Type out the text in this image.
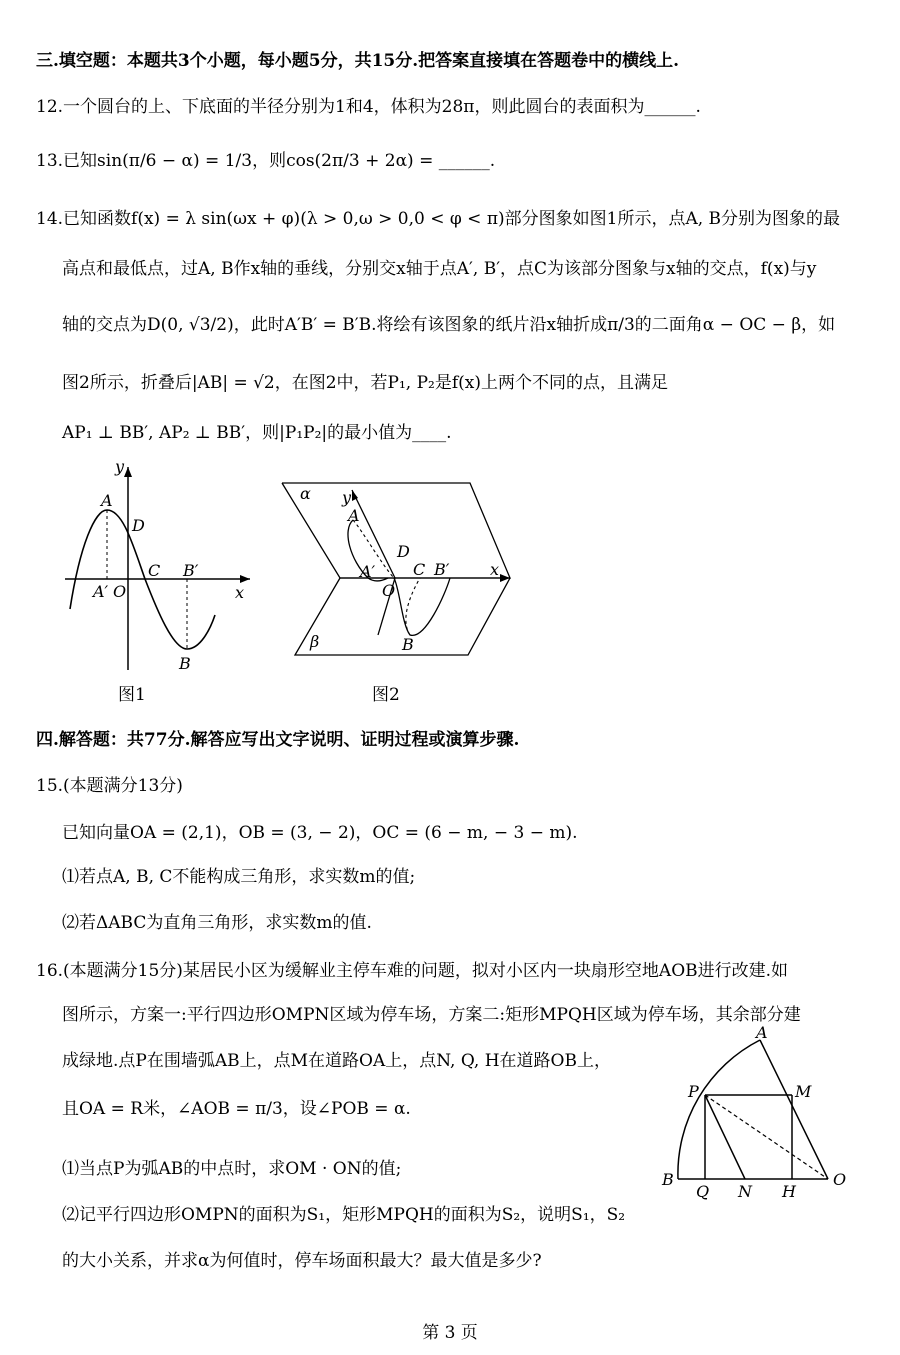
三.填空题：本题共3个小题，每小题5分，共15分.把答案直接填在答题卷中的横线上.
12.一个圆台的上、下底面的半径分别为1和4，体积为28π，则此圆台的表面积为______.
13.已知sin(π/6 − α) = 1/3，则cos(2π/3 + 2α) = ______.
14.已知函数f(x) = λ sin(ωx + φ)(λ > 0,ω > 0,0 < φ < π)部分图象如图1所示，点A, B分别为图象的最
高点和最低点，过A, B作x轴的垂线，分别交x轴于点A′, B′，点C为该部分图象与x轴的交点，f(x)与y
轴的交点为D(0, √3/2)，此时A′B′ = B′B.将绘有该图象的纸片沿x轴折成π/3的二面角α − OC − β，如
图2所示，折叠后|AB| = √2，在图2中，若P₁, P₂是f(x)上两个不同的点，且满足
AP₁ ⊥ BB′, AP₂ ⊥ BB′，则|P₁P₂|的最小值为____.
y
A
D
C B′
A′ O	x
B
图1
α y
A
D
A′
O
C B′	x
β	B
图2
四.解答题：共77分.解答应写出文字说明、证明过程或演算步骤.
15.(本题满分13分)
已知向量OA = (2,1)，OB = (3, − 2)，OC = (6 − m, − 3 − m).
⑴若点A, B, C不能构成三角形，求实数m的值;
⑵若ΔABC为直角三角形，求实数m的值.
16.(本题满分15分)某居民小区为缓解业主停车难的问题，拟对小区内一块扇形空地AOB进行改建.如
图所示，方案一:平行四边形OMPN区域为停车场，方案二:矩形MPQH区域为停车场，其余部分建
成绿地.点P在围墙弧AB上，点M在道路OA上，点N, Q, H在道路OB上，
且OA = R米，∠AOB = π/3，设∠POB = α.
⑴当点P为弧AB的中点时，求OM · ON的值;
⑵记平行四边形OMPN的面积为S₁，矩形MPQH的面积为S₂，说明S₁，S₂
的大小关系，并求α为何值时，停车场面积最大？最大值是多少?
A
P	M
B
Q N H
O
第 3 页
